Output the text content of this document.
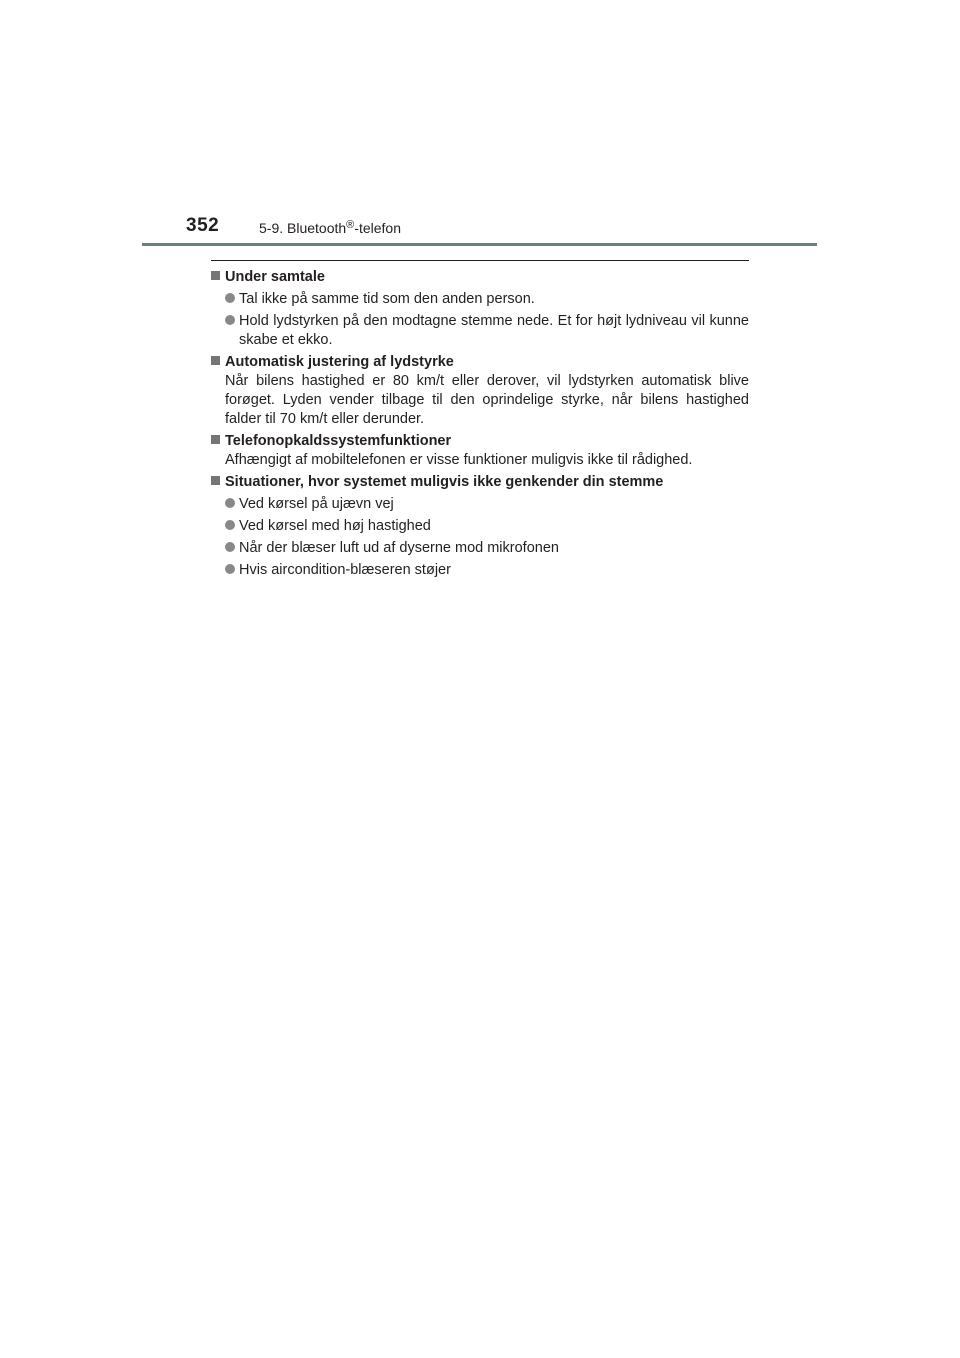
352	5-9. Bluetooth®-telefon
Under samtale
Tal ikke på samme tid som den anden person.
Hold lydstyrken på den modtagne stemme nede. Et for højt lydniveau vil kunne skabe et ekko.
Automatisk justering af lydstyrke
Når bilens hastighed er 80 km/t eller derover, vil lydstyrken automatisk blive forøget. Lyden vender tilbage til den oprindelige styrke, når bilens hastighed falder til 70 km/t eller derunder.
Telefonopkaldssystemfunktioner
Afhængigt af mobiltelefonen er visse funktioner muligvis ikke til rådighed.
Situationer, hvor systemet muligvis ikke genkender din stemme
Ved kørsel på ujævn vej
Ved kørsel med høj hastighed
Når der blæser luft ud af dyserne mod mikrofonen
Hvis aircondition-blæseren støjer
